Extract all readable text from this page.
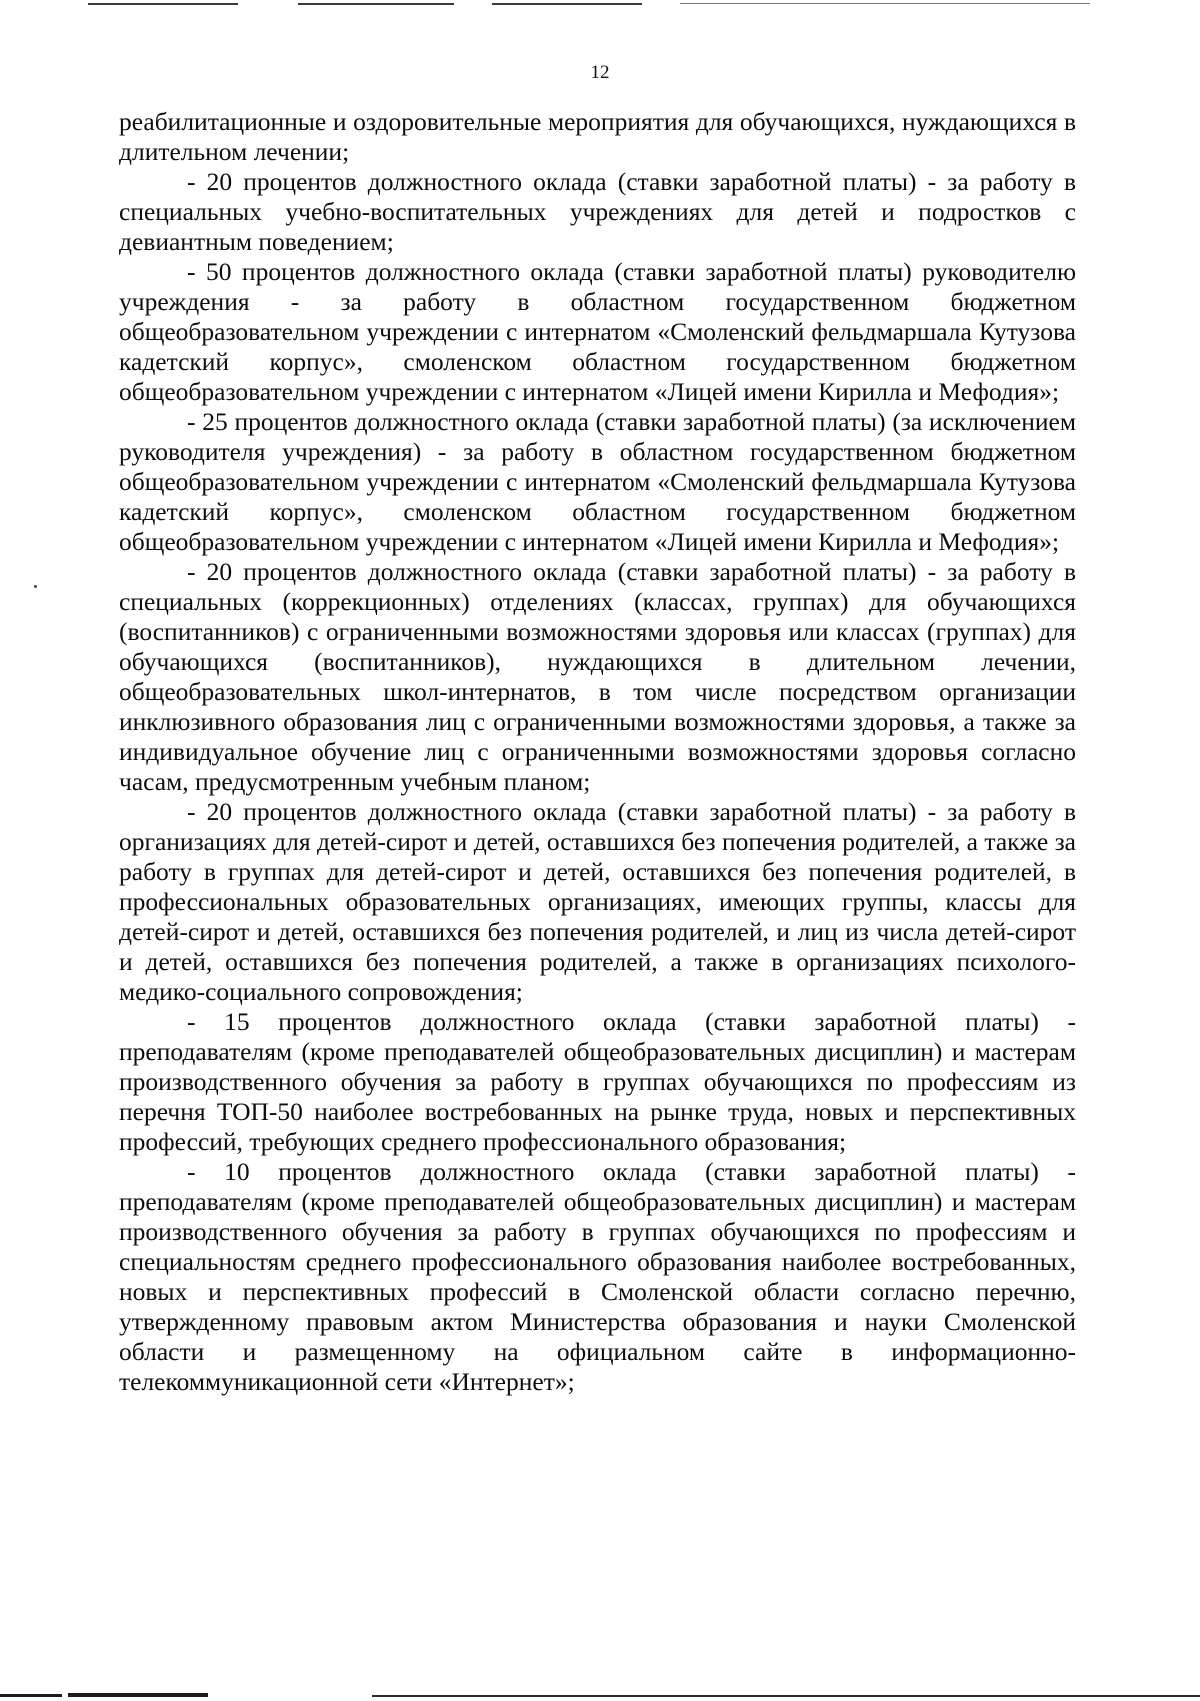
12

реабилитационные и оздоровительные мероприятия для обучающихся, нуждающихся в длительном лечении;

- 20 процентов должностного оклада (ставки заработной платы) - за работу в специальных учебно-воспитательных учреждениях для детей и подростков с девиантным поведением;

- 50 процентов должностного оклада (ставки заработной платы) руководителю учреждения - за работу в областном государственном бюджетном общеобразовательном учреждении с интернатом «Смоленский фельдмаршала Кутузова кадетский корпус», смоленском областном государственном бюджетном общеобразовательном учреждении с интернатом «Лицей имени Кирилла и Мефодия»;

- 25 процентов должностного оклада (ставки заработной платы) (за исключением руководителя учреждения) - за работу в областном государственном бюджетном общеобразовательном учреждении с интернатом «Смоленский фельдмаршала Кутузова кадетский корпус», смоленском областном государственном бюджетном общеобразовательном учреждении с интернатом «Лицей имени Кирилла и Мефодия»;

- 20 процентов должностного оклада (ставки заработной платы) - за работу в специальных (коррекционных) отделениях (классах, группах) для обучающихся (воспитанников) с ограниченными возможностями здоровья или классах (группах) для обучающихся (воспитанников), нуждающихся в длительном лечении, общеобразовательных школ-интернатов, в том числе посредством организации инклюзивного образования лиц с ограниченными возможностями здоровья, а также за индивидуальное обучение лиц с ограниченными возможностями здоровья согласно часам, предусмотренным учебным планом;

- 20 процентов должностного оклада (ставки заработной платы) - за работу в организациях для детей-сирот и детей, оставшихся без попечения родителей, а также за работу в группах для детей-сирот и детей, оставшихся без попечения родителей, в профессиональных образовательных организациях, имеющих группы, классы для детей-сирот и детей, оставшихся без попечения родителей, и лиц из числа детей-сирот и детей, оставшихся без попечения родителей, а также в организациях психолого-медико-социального сопровождения;

- 15 процентов должностного оклада (ставки заработной платы) - преподавателям (кроме преподавателей общеобразовательных дисциплин) и мастерам производственного обучения за работу в группах обучающихся по профессиям из перечня ТОП-50 наиболее востребованных на рынке труда, новых и перспективных профессий, требующих среднего профессионального образования;

- 10 процентов должностного оклада (ставки заработной платы) - преподавателям (кроме преподавателей общеобразовательных дисциплин) и мастерам производственного обучения за работу в группах обучающихся по профессиям и специальностям среднего профессионального образования наиболее востребованных, новых и перспективных профессий в Смоленской области согласно перечню, утвержденному правовым актом Министерства образования и науки Смоленской области и размещенному на официальном сайте в информационно-телекоммуникационной сети «Интернет»;
